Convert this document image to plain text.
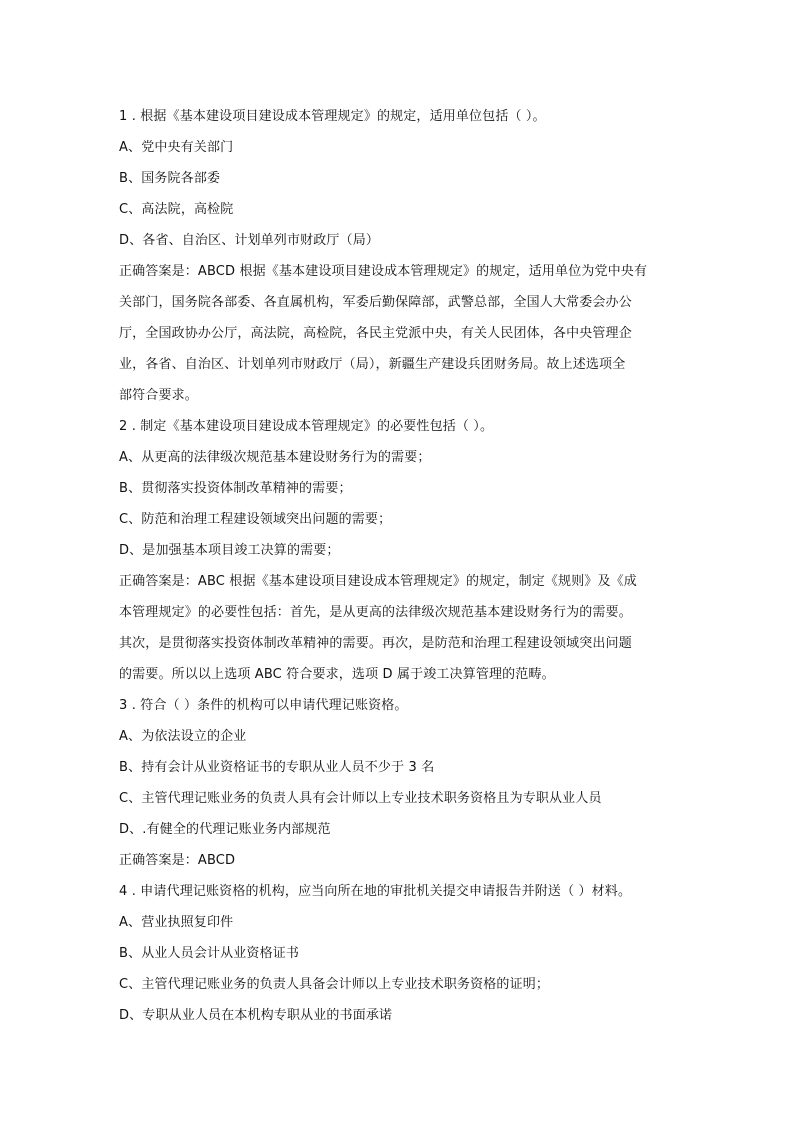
1 . 根据《基本建设项目建设成本管理规定》的规定，适用单位包括（ ）。
A、党中央有关部门
B、国务院各部委
C、高法院，高检院
D、各省、自治区、计划单列市财政厅（局）
正确答案是：ABCD 根据《基本建设项目建设成本管理规定》的规定，适用单位为党中央有
关部门，国务院各部委、各直属机构，军委后勤保障部，武警总部，全国人大常委会办公
厅，全国政协办公厅，高法院，高检院，各民主党派中央，有关人民团体，各中央管理企
业，各省、自治区、计划单列市财政厅（局），新疆生产建设兵团财务局。故上述选项全
部符合要求。
2 . 制定《基本建设项目建设成本管理规定》的必要性包括（ ）。
A、从更高的法律级次规范基本建设财务行为的需要；
B、贯彻落实投资体制改革精神的需要；
C、防范和治理工程建设领域突出问题的需要；
D、是加强基本项目竣工决算的需要；
正确答案是：ABC 根据《基本建设项目建设成本管理规定》的规定，制定《规则》及《成
本管理规定》的必要性包括：首先，是从更高的法律级次规范基本建设财务行为的需要。
其次，是贯彻落实投资体制改革精神的需要。再次，是防范和治理工程建设领域突出问题
的需要。所以以上选项 ABC 符合要求，选项 D 属于竣工决算管理的范畴。
3 . 符合（ ）条件的机构可以申请代理记账资格。
A、为依法设立的企业
B、持有会计从业资格证书的专职从业人员不少于 3 名
C、主管代理记账业务的负责人具有会计师以上专业技术职务资格且为专职从业人员
D、.有健全的代理记账业务内部规范
正确答案是：ABCD
4 . 申请代理记账资格的机构，应当向所在地的审批机关提交申请报告并附送（ ）材料。
A、营业执照复印件
B、从业人员会计从业资格证书
C、主管代理记账业务的负责人具备会计师以上专业技术职务资格的证明；
D、专职从业人员在本机构专职从业的书面承诺
